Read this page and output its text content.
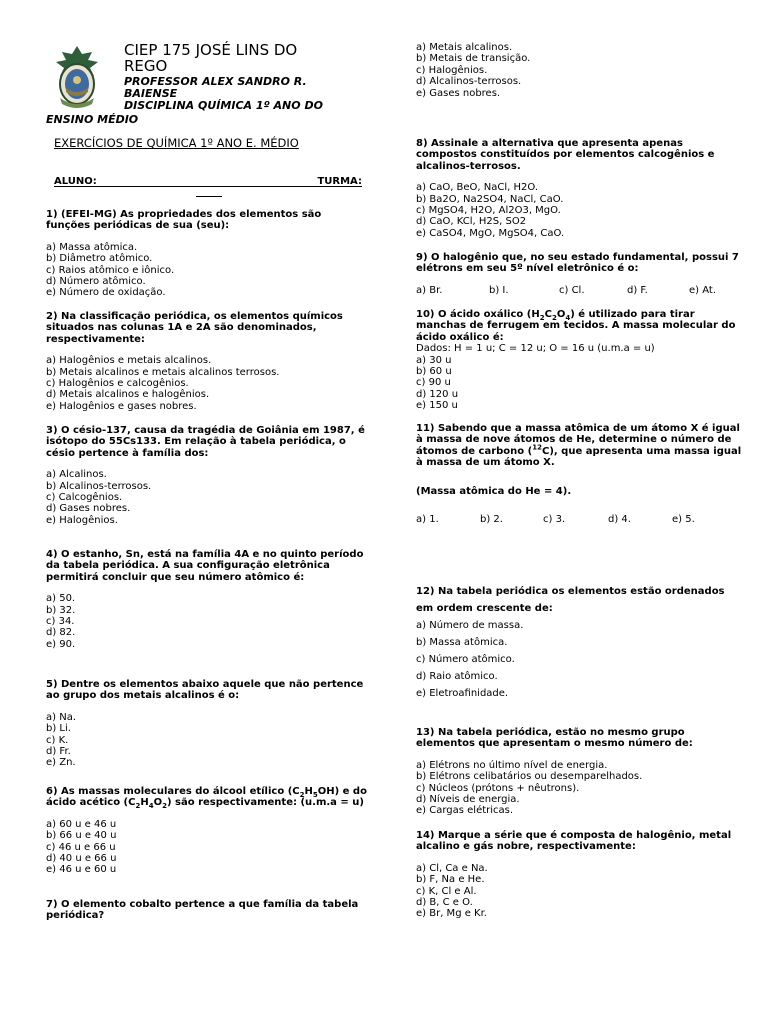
CIEP 175 JOSÉ LINS DO
REGO
PROFESSOR ALEX SANDRO R.
BAIENSE
DISCIPLINA QUÍMICA 1º ANO DO
ENSINO MÉDIO
EXERCÍCIOS DE QUÍMICA 1º ANO E. MÉDIO
ALUNO:	TURMA:

1) (EFEI-MG) As propriedades dos elementos são funções periódicas de sua (seu):

a) Massa atômica.
b) Diâmetro atômico.
c) Raios atômico e iônico.
d) Número atômico.
e) Número de oxidação.

2) Na classificação periódica, os elementos químicos situados nas colunas 1A e 2A são denominados, respectivamente:

a) Halogênios e metais alcalinos.
b) Metais alcalinos e metais alcalinos terrosos.
c) Halogênios e calcogênios.
d) Metais alcalinos e halogênios.
e) Halogênios e gases nobres.

3) O césio-137, causa da tragédia de Goiânia em 1987, é isótopo do 55Cs133. Em relação à tabela periódica, o césio pertence à família dos:

a) Alcalinos.
b) Alcalinos-terrosos.
c) Calcogênios.
d) Gases nobres.
e) Halogênios.

4) O estanho, Sn, está na família 4A e no quinto período da tabela periódica. A sua configuração eletrônica permitirá concluir que seu número atômico é:

a) 50.
b) 32.
c) 34.
d) 82.
e) 90.

5) Dentre os elementos abaixo aquele que não pertence ao grupo dos metais alcalinos é o:

a) Na.
b) Li.
c) K.
d) Fr.
e) Zn.

6) As massas moleculares do álcool etílico $(C_2H_5OH)$ e do ácido acético $(C_2H_4O_2)$ são respectivamente: (u.m.a = u)

a) 60 u e 46 u
b) 66 u e 40 u
c) 46 u e 66 u
d) 40 u e 66 u
e) 46 u e 60 u

7) O elemento cobalto pertence a que família da tabela periódica?

a) Metais alcalinos.
b) Metais de transição.
c) Halogênios.
d) Alcalinos-terrosos.
e) Gases nobres.

8) Assinale a alternativa que apresenta apenas compostos constituídos por elementos calcogênios e alcalinos-terrosos.

a) CaO, BeO, NaCl, H2O.
b) Ba2O, Na2SO4, NaCl, CaO.
c) MgSO4, H2O, Al2O3, MgO.
d) CaO, KCl, H2S, SO2
e) CaSO4, MgO, MgSO4, CaO.

9) O halogênio que, no seu estado fundamental, possui 7 elétrons em seu 5º nível eletrônico é o:

a) Br.	b) I.	c) Cl.	d) F.	e) At.

10) O ácido oxálico $(H_2C_2O_4)$ é utilizado para tirar manchas de ferrugem em tecidos. A massa molecular do ácido oxálico é:

Dados: H = 1 u; C = 12 u; O = 16 u (u.m.a = u)

a) 30 u
b) 60 u
c) 90 u
d) 120 u
e) 150 u

11) Sabendo que a massa atômica de um átomo X é igual à massa de nove átomos de He, determine o número de átomos de carbono ($^{12}$C), que apresenta uma massa igual à massa de um átomo X.

(Massa atômica do He = 4).

a) 1.	b) 2.	c) 3.	d) 4.	e) 5.

12) Na tabela periódica os elementos estão ordenados

em ordem crescente de:

a) Número de massa.
b) Massa atômica.
c) Número atômico.
d) Raio atômico.
e) Eletroafinidade.

13) Na tabela periódica, estão no mesmo grupo elementos que apresentam o mesmo número de:

a) Elétrons no último nível de energia.
b) Elétrons celibatários ou desemparelhados.
c) Núcleos (prótons + nêutrons).
d) Níveis de energia.
e) Cargas elétricas.

14) Marque a série que é composta de halogênio, metal alcalino e gás nobre, respectivamente:

a) Cl, Ca e Na.
b) F, Na e He.
c) K, Cl e Al.
d) B, C e O.
e) Br, Mg e Kr.
